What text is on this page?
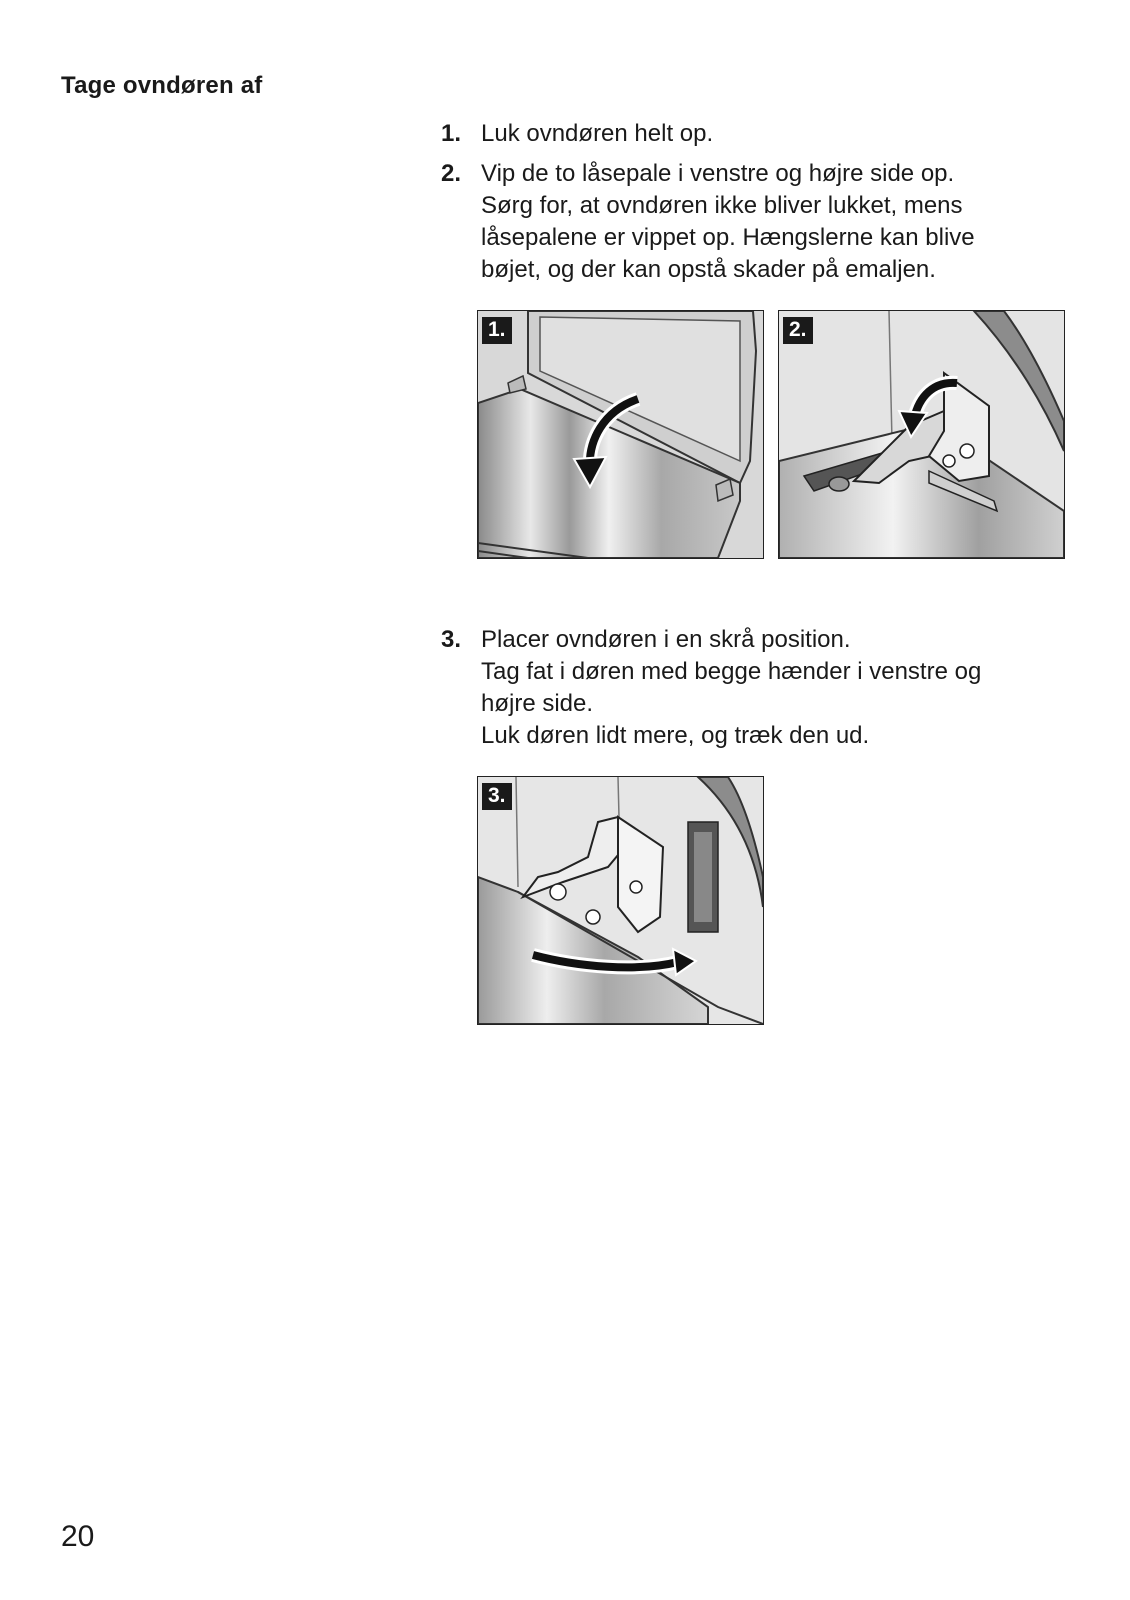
Tage ovndøren af
1. Luk ovndøren helt op.
2. Vip de to låsepale i venstre og højre side op.
Sørg for, at ovndøren ikke bliver lukket, mens
låsepalene er vippet op. Hængslerne kan blive
bøjet, og der kan opstå skader på emaljen.
1.	2.
3. Placer ovndøren i en skrå position.
Tag fat i døren med begge hænder i venstre og
højre side.
Luk døren lidt mere, og træk den ud.
3.
20
